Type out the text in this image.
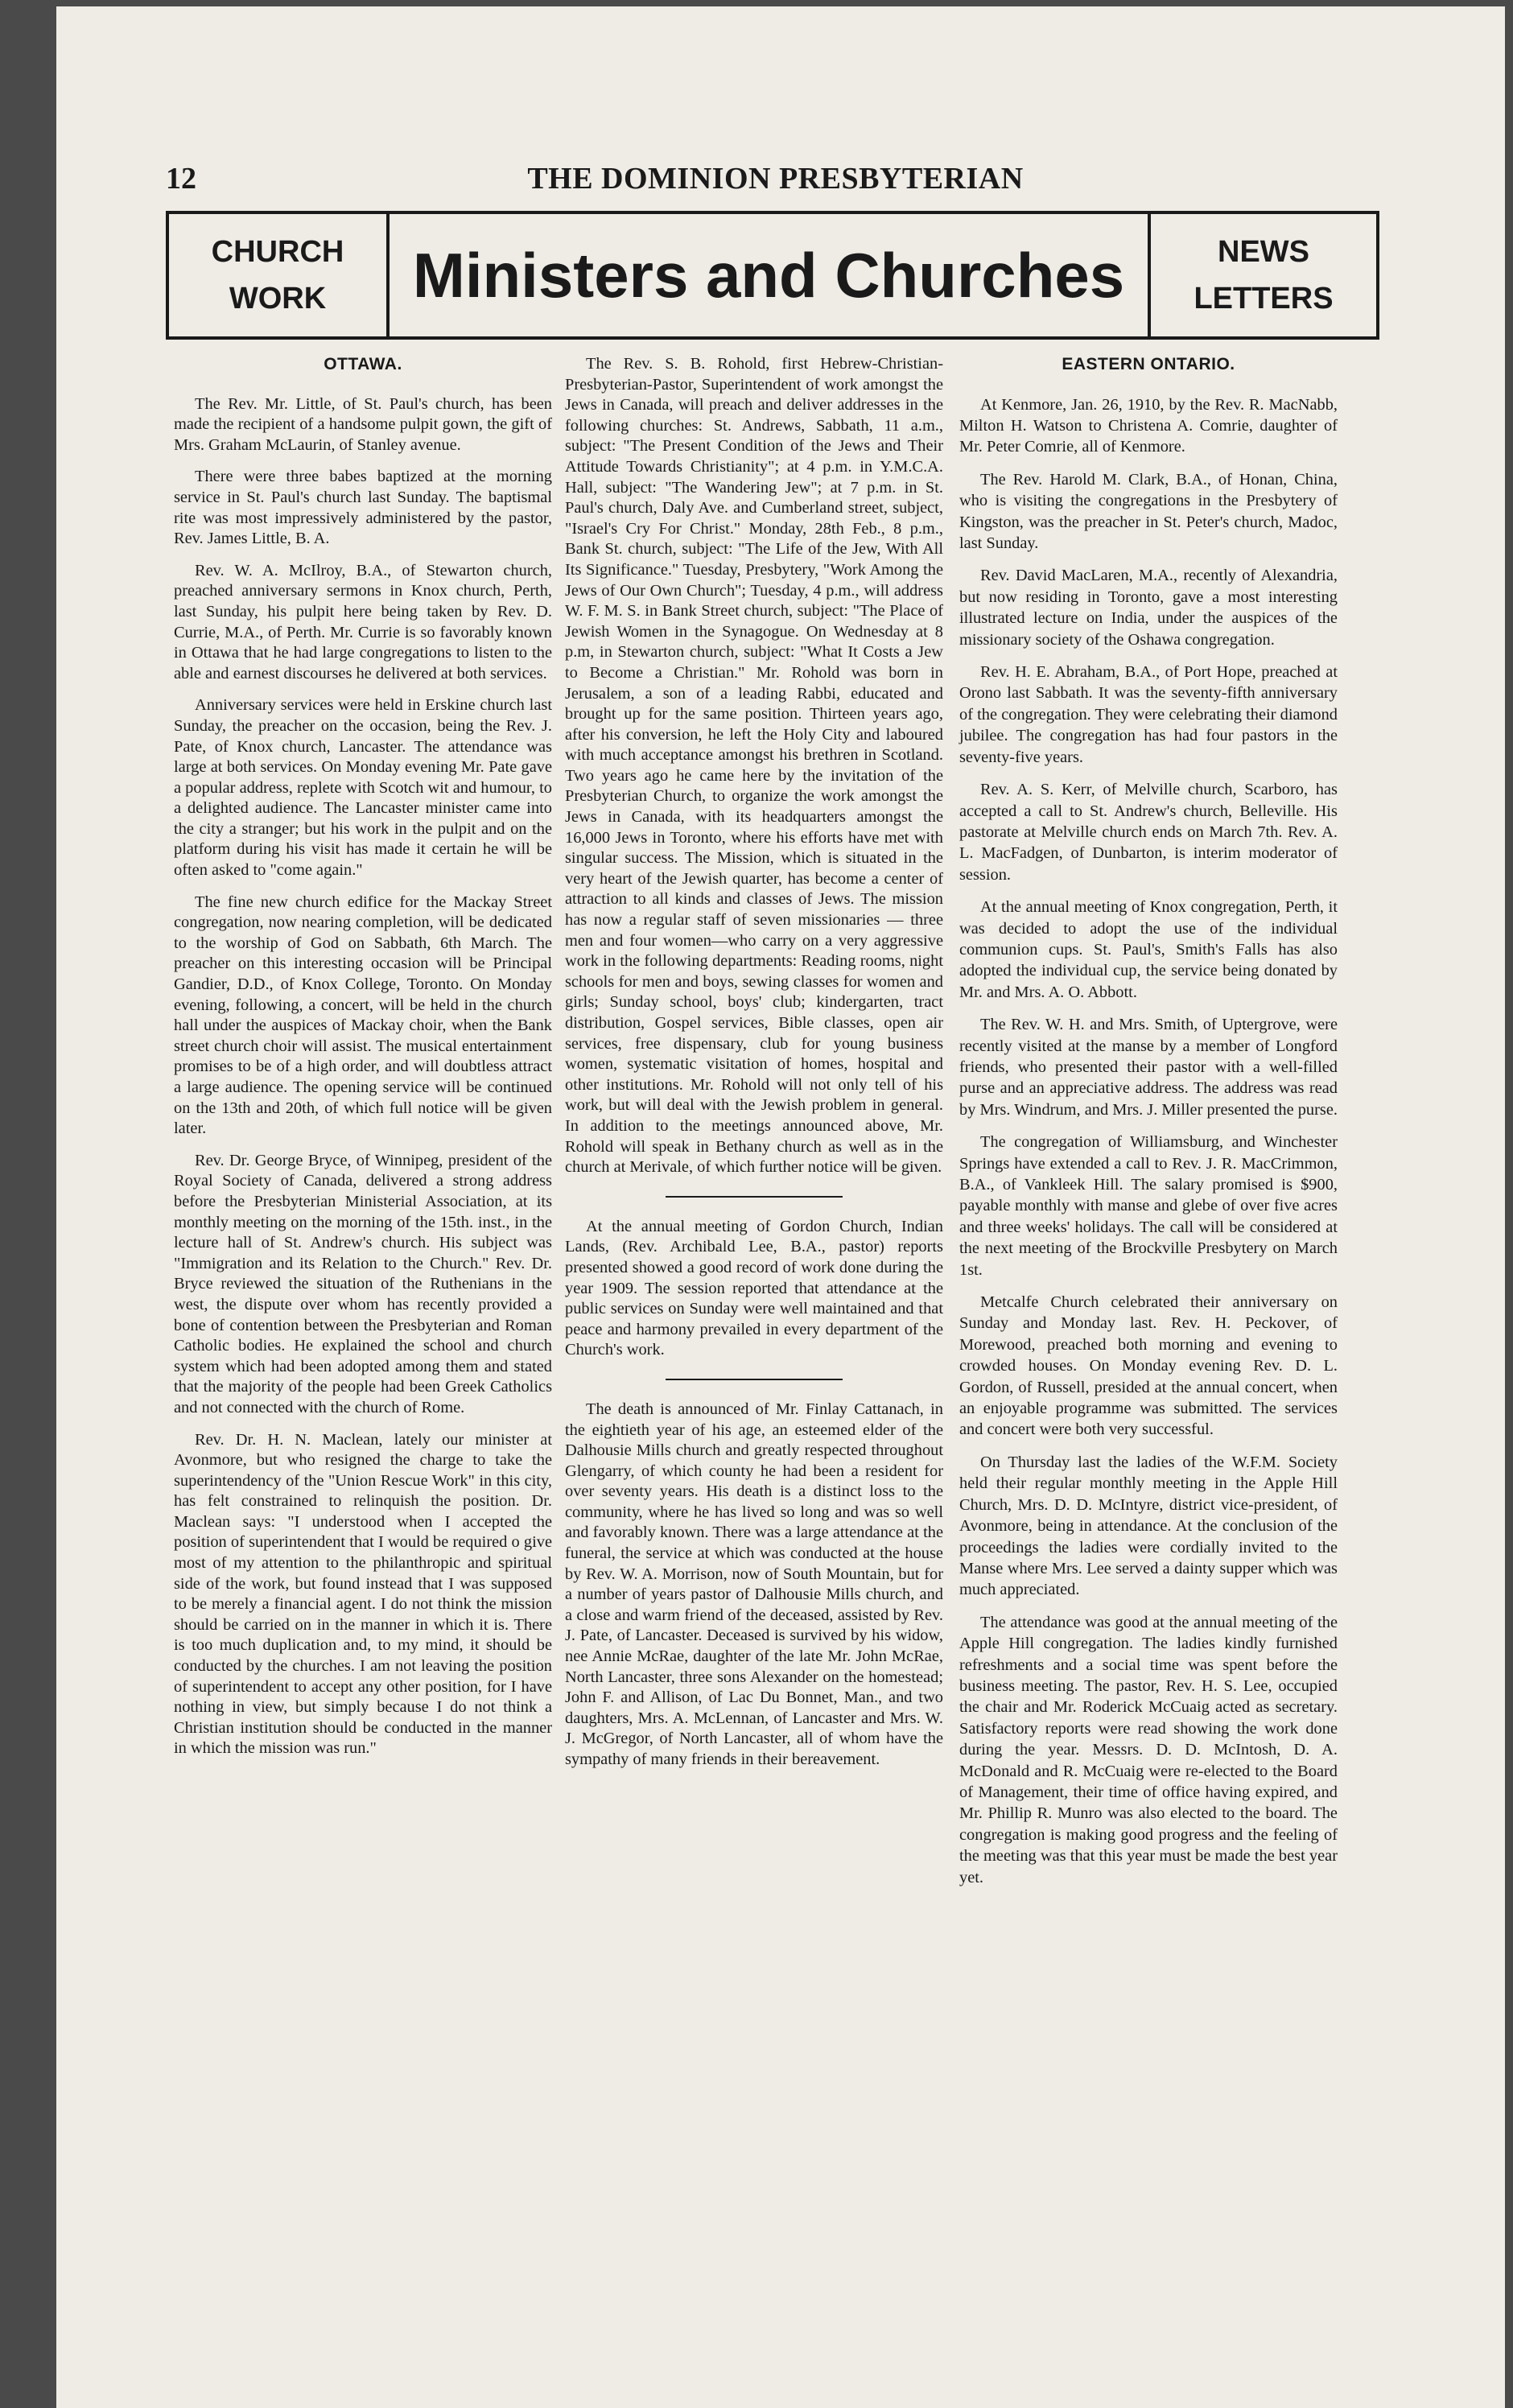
12	THE DOMINION PRESBYTERIAN
CHURCH
WORK	Ministers and Churches	NEWS
LETTERS
OTTAWA.

The Rev. Mr. Little, of St. Paul's church, has been made the recipient of a handsome pulpit gown, the gift of Mrs. Graham McLaurin, of Stanley avenue.

There were three babes baptized at the morning service in St. Paul's church last Sunday. The baptismal rite was most impressively administered by the pastor, Rev. James Little, B. A.

Rev. W. A. McIlroy, B.A., of Stewarton church, preached anniversary sermons in Knox church, Perth, last Sunday, his pulpit here being taken by Rev. D. Currie, M.A., of Perth. Mr. Currie is so favorably known in Ottawa that he had large congregations to listen to the able and earnest discourses he delivered at both services.

Anniversary services were held in Erskine church last Sunday, the preacher on the occasion, being the Rev. J. Pate, of Knox church, Lancaster. The attendance was large at both services. On Monday evening Mr. Pate gave a popular address, replete with Scotch wit and humour, to a delighted audience. The Lancaster minister came into the city a stranger; but his work in the pulpit and on the platform during his visit has made it certain he will be often asked to "come again."

The fine new church edifice for the Mackay Street congregation, now nearing completion, will be dedicated to the worship of God on Sabbath, 6th March. The preacher on this interesting occasion will be Principal Gandier, D.D., of Knox College, Toronto. On Monday evening, following, a concert, will be held in the church hall under the auspices of Mackay choir, when the Bank street church choir will assist. The musical entertainment promises to be of a high order, and will doubtless attract a large audience. The opening service will be continued on the 13th and 20th, of which full notice will be given later.

Rev. Dr. George Bryce, of Winnipeg, president of the Royal Society of Canada, delivered a strong address before the Presbyterian Ministerial Association, at its monthly meeting on the morning of the 15th. inst., in the lecture hall of St. Andrew's church. His subject was "Immigration and its Relation to the Church." Rev. Dr. Bryce reviewed the situation of the Ruthenians in the west, the dispute over whom has recently provided a bone of contention between the Presbyterian and Roman Catholic bodies. He explained the school and church system which had been adopted among them and stated that the majority of the people had been Greek Catholics and not connected with the church of Rome.

Rev. Dr. H. N. Maclean, lately our minister at Avonmore, but who resigned the charge to take the superintendency of the "Union Rescue Work" in this city, has felt constrained to relinquish the position. Dr. Maclean says: "I understood when I accepted the position of superintendent that I would be required o give most of my attention to the philanthropic and spiritual side of the work, but found instead that I was supposed to be merely a financial agent. I do not think the mission should be carried on in the manner in which it is. There is too much duplication and, to my mind, it should be conducted by the churches. I am not leaving the position of superintendent to accept any other position, for I have nothing in view, but simply because I do not think a Christian institution should be conducted in the manner in which the mission was run."

The Rev. S. B. Rohold, first Hebrew-Christian-Presbyterian-Pastor, Superintendent of work amongst the Jews in Canada, will preach and deliver addresses in the following churches: St. Andrews, Sabbath, 11 a.m., subject: "The Present Condition of the Jews and Their Attitude Towards Christianity"; at 4 p.m. in Y.M.C.A. Hall, subject: "The Wandering Jew"; at 7 p.m. in St. Paul's church, Daly Ave. and Cumberland street, subject, "Israel's Cry For Christ." Monday, 28th Feb., 8 p.m., Bank St. church, subject: "The Life of the Jew, With All Its Significance." Tuesday, Presbytery, "Work Among the Jews of Our Own Church"; Tuesday, 4 p.m., will address W. F. M. S. in Bank Street church, subject: "The Place of Jewish Women in the Synagogue. On Wednesday at 8 p.m, in Stewarton church, subject: "What It Costs a Jew to Become a Christian." Mr. Rohold was born in Jerusalem, a son of a leading Rabbi, educated and brought up for the same position. Thirteen years ago, after his conversion, he left the Holy City and laboured with much acceptance amongst his brethren in Scotland. Two years ago he came here by the invitation of the Presbyterian Church, to organize the work amongst the Jews in Canada, with its headquarters amongst the 16,000 Jews in Toronto, where his efforts have met with singular success. The Mission, which is situated in the very heart of the Jewish quarter, has become a center of attraction to all kinds and classes of Jews. The mission has now a regular staff of seven missionaries — three men and four women—who carry on a very aggressive work in the following departments: Reading rooms, night schools for men and boys, sewing classes for women and girls; Sunday school, boys' club; kindergarten, tract distribution, Gospel services, Bible classes, open air services, free dispensary, club for young business women, systematic visitation of homes, hospital and other institutions. Mr. Rohold will not only tell of his work, but will deal with the Jewish problem in general. In addition to the meetings announced above, Mr. Rohold will speak in Bethany church as well as in the church at Merivale, of which further notice will be given.

At the annual meeting of Gordon Church, Indian Lands, (Rev. Archibald Lee, B.A., pastor) reports presented showed a good record of work done during the year 1909. The session reported that attendance at the public services on Sunday were well maintained and that peace and harmony prevailed in every department of the Church's work.

The death is announced of Mr. Finlay Cattanach, in the eightieth year of his age, an esteemed elder of the Dalhousie Mills church and greatly respected throughout Glengarry, of which county he had been a resident for over seventy years. His death is a distinct loss to the community, where he has lived so long and was so well and favorably known. There was a large attendance at the funeral, the service at which was conducted at the house by Rev. W. A. Morrison, now of South Mountain, but for a number of years pastor of Dalhousie Mills church, and a close and warm friend of the deceased, assisted by Rev. J. Pate, of Lancaster. Deceased is survived by his widow, nee Annie McRae, daughter of the late Mr. John McRae, North Lancaster, three sons Alexander on the homestead; John F. and Allison, of Lac Du Bonnet, Man., and two daughters, Mrs. A. McLennan, of Lancaster and Mrs. W. J. McGregor, of North Lancaster, all of whom have the sympathy of many friends in their bereavement.

EASTERN ONTARIO.

At Kenmore, Jan. 26, 1910, by the Rev. R. MacNabb, Milton H. Watson to Christena A. Comrie, daughter of Mr. Peter Comrie, all of Kenmore.

The Rev. Harold M. Clark, B.A., of Honan, China, who is visiting the congregations in the Presbytery of Kingston, was the preacher in St. Peter's church, Madoc, last Sunday.

Rev. David MacLaren, M.A., recently of Alexandria, but now residing in Toronto, gave a most interesting illustrated lecture on India, under the auspices of the missionary society of the Oshawa congregation.

Rev. H. E. Abraham, B.A., of Port Hope, preached at Orono last Sabbath. It was the seventy-fifth anniversary of the congregation. They were celebrating their diamond jubilee. The congregation has had four pastors in the seventy-five years.

Rev. A. S. Kerr, of Melville church, Scarboro, has accepted a call to St. Andrew's church, Belleville. His pastorate at Melville church ends on March 7th. Rev. A. L. MacFadgen, of Dunbarton, is interim moderator of session.

At the annual meeting of Knox congregation, Perth, it was decided to adopt the use of the individual communion cups. St. Paul's, Smith's Falls has also adopted the individual cup, the service being donated by Mr. and Mrs. A. O. Abbott.

The Rev. W. H. and Mrs. Smith, of Uptergrove, were recently visited at the manse by a member of Longford friends, who presented their pastor with a well-filled purse and an appreciative address. The address was read by Mrs. Windrum, and Mrs. J. Miller presented the purse.

The congregation of Williamsburg, and Winchester Springs have extended a call to Rev. J. R. MacCrimmon, B.A., of Vankleek Hill. The salary promised is $900, payable monthly with manse and glebe of over five acres and three weeks' holidays. The call will be considered at the next meeting of the Brockville Presbytery on March 1st.

Metcalfe Church celebrated their anniversary on Sunday and Monday last. Rev. H. Peckover, of Morewood, preached both morning and evening to crowded houses. On Monday evening Rev. D. L. Gordon, of Russell, presided at the annual concert, when an enjoyable programme was submitted. The services and concert were both very successful.

On Thursday last the ladies of the W.F.M. Society held their regular monthly meeting in the Apple Hill Church, Mrs. D. D. McIntyre, district vice-president, of Avonmore, being in attendance. At the conclusion of the proceedings the ladies were cordially invited to the Manse where Mrs. Lee served a dainty supper which was much appreciated.

The attendance was good at the annual meeting of the Apple Hill congregation. The ladies kindly furnished refreshments and a social time was spent before the business meeting. The pastor, Rev. H. S. Lee, occupied the chair and Mr. Roderick McCuaig acted as secretary. Satisfactory reports were read showing the work done during the year. Messrs. D. D. McIntosh, D. A. McDonald and R. McCuaig were re-elected to the Board of Management, their time of office having expired, and Mr. Phillip R. Munro was also elected to the board. The congregation is making good progress and the feeling of the meeting was that this year must be made the best year yet.
